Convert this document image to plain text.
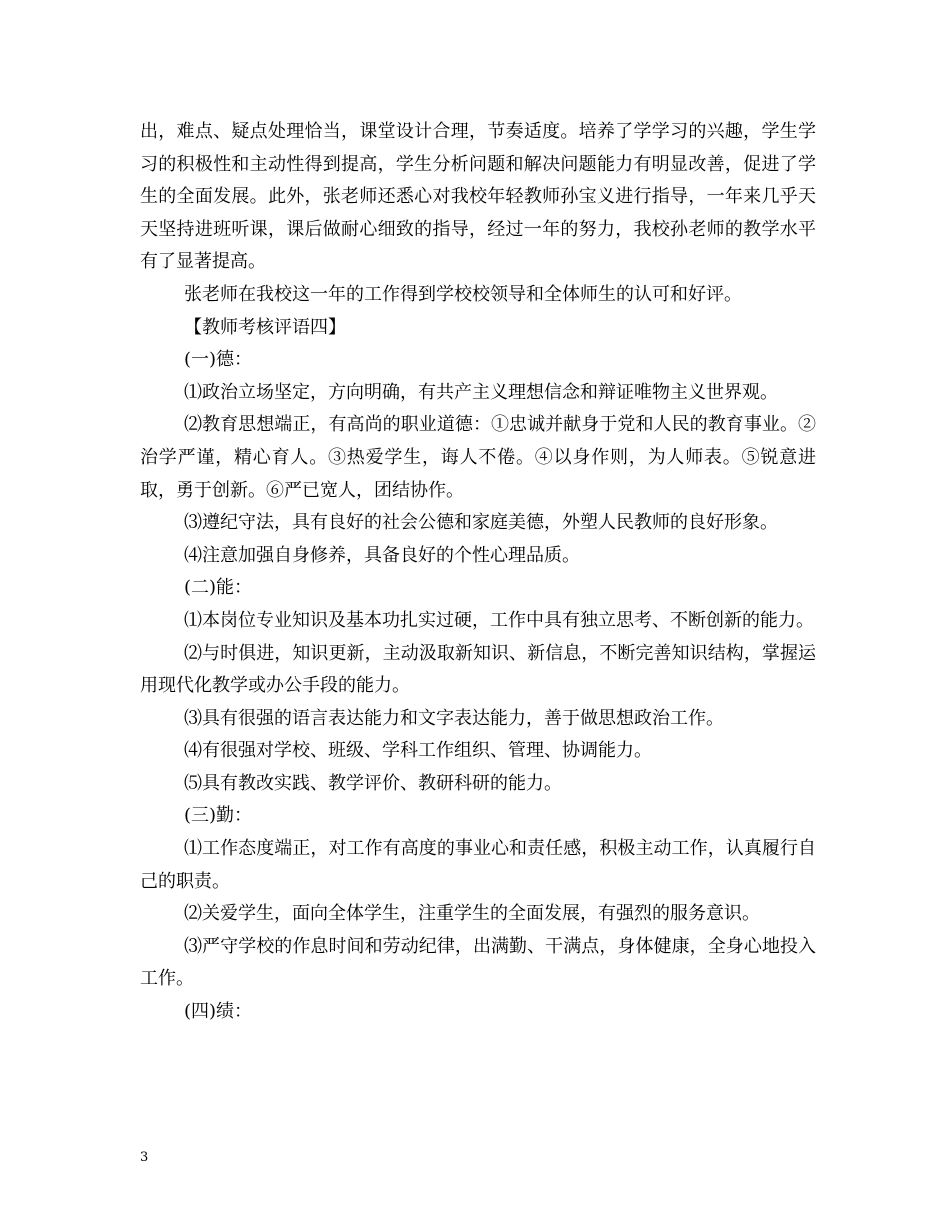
出，难点、疑点处理恰当，课堂设计合理，节奏适度。培养了学学习的兴趣，学生学习的积极性和主动性得到提高，学生分析问题和解决问题能力有明显改善，促进了学生的全面发展。此外，张老师还悉心对我校年轻教师孙宝义进行指导，一年来几乎天天坚持进班听课，课后做耐心细致的指导，经过一年的努力，我校孙老师的教学水平有了显著提高。

张老师在我校这一年的工作得到学校校领导和全体师生的认可和好评。

【教师考核评语四】

(一)德：

⑴政治立场坚定，方向明确，有共产主义理想信念和辩证唯物主义世界观。

⑵教育思想端正，有高尚的职业道德：①忠诚并献身于党和人民的教育事业。②治学严谨，精心育人。③热爱学生，诲人不倦。④以身作则，为人师表。⑤锐意进取，勇于创新。⑥严已宽人，团结协作。

⑶遵纪守法，具有良好的社会公德和家庭美德，外塑人民教师的良好形象。

⑷注意加强自身修养，具备良好的个性心理品质。

(二)能：

⑴本岗位专业知识及基本功扎实过硬，工作中具有独立思考、不断创新的能力。

⑵与时俱进，知识更新，主动汲取新知识、新信息，不断完善知识结构，掌握运用现代化教学或办公手段的能力。

⑶具有很强的语言表达能力和文字表达能力，善于做思想政治工作。

⑷有很强对学校、班级、学科工作组织、管理、协调能力。

⑸具有教改实践、教学评价、教研科研的能力。

(三)勤：

⑴工作态度端正，对工作有高度的事业心和责任感，积极主动工作，认真履行自己的职责。

⑵关爱学生，面向全体学生，注重学生的全面发展，有强烈的服务意识。

⑶严守学校的作息时间和劳动纪律，出满勤、干满点，身体健康，全身心地投入工作。

(四)绩：

3
